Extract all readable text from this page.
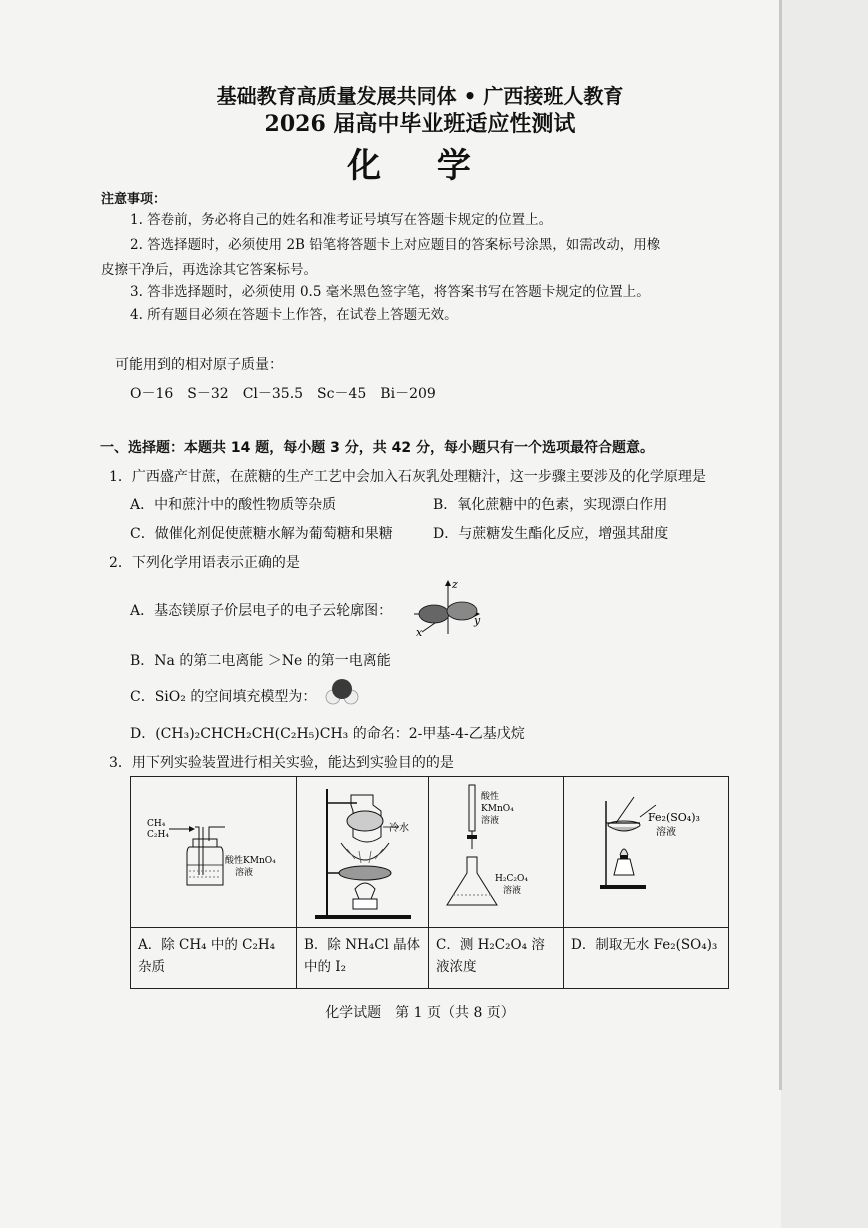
基础教育高质量发展共同体 • 广西接班人教育
2026 届高中毕业班适应性测试
化 学
注意事项：
1. 答卷前，务必将自己的姓名和准考证号填写在答题卡规定的位置上。
2. 答选择题时，必须使用 2B 铅笔将答题卡上对应题目的答案标号涂黑，如需改动，用橡
皮擦干净后，再选涂其它答案标号。
3. 答非选择题时，必须使用 0.5 毫米黑色签字笔，将答案书写在答题卡规定的位置上。
4. 所有题目必须在答题卡上作答，在试卷上答题无效。
可能用到的相对原子质量：
O－16　S－32　Cl－35.5　Sc－45　Bi－209
一、选择题：本题共 14 题，每小题 3 分，共 42 分，每小题只有一个选项最符合题意。
1．广西盛产甘蔗，在蔗糖的生产工艺中会加入石灰乳处理糖汁，这一步骤主要涉及的化学原理是
A．中和蔗汁中的酸性物质等杂质	B．氧化蔗糖中的色素，实现漂白作用
C．做催化剂促使蔗糖水解为葡萄糖和果糖	D．与蔗糖发生酯化反应，增强其甜度
2．下列化学用语表示正确的是
A．基态镁原子价层电子的电子云轮廓图：
z
y
x
B．Na 的第二电离能 ＞Ne 的第一电离能
C．SiO₂ 的空间填充模型为：
D．(CH₃)₂CHCH₂CH(C₂H₅)CH₃ 的命名：2-甲基-4-乙基戊烷
3．用下列实验装置进行相关实验，能达到实验目的的是
CH₄
C₂H₄
酸性KMnO₄
溶液	冷水	酸性
KMnO₄
溶液
H₂C₂O₄
溶液	Fe₂(SO₄)₃
溶液

A．除 CH₄ 中的 C₂H₄ 杂质	B．除 NH₄Cl 晶体中的 I₂	C．测 H₂C₂O₄ 溶液浓度	D．制取无水 Fe₂(SO₄)₃
化学试题　第 1 页（共 8 页）
